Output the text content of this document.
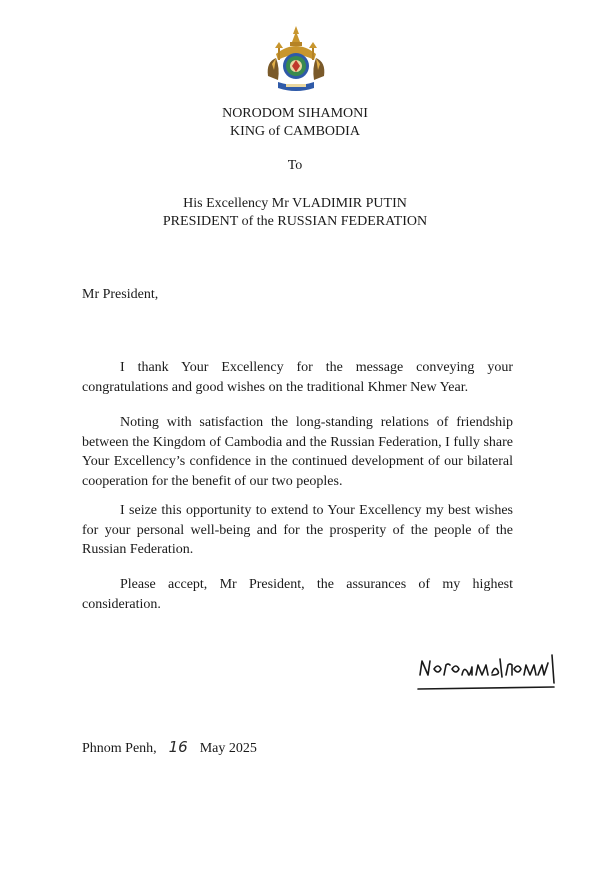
NORODOM SIHAMONI
KING of CAMBODIA
To
His Excellency Mr VLADIMIR PUTIN
PRESIDENT of the RUSSIAN FEDERATION
Mr President,

I thank Your Excellency for the message conveying your congratulations and good wishes on the traditional Khmer New Year.

Noting with satisfaction the long-standing relations of friendship between the Kingdom of Cambodia and the Russian Federation, I fully share Your Excellency’s confidence in the continued development of our bilateral cooperation for the benefit of our two peoples.

I seize this opportunity to extend to Your Excellency my best wishes for your personal well-being and for the prosperity of the people of the Russian Federation.

Please accept, Mr President, the assurances of my highest consideration.

Phnom Penh, 16 May 2025
